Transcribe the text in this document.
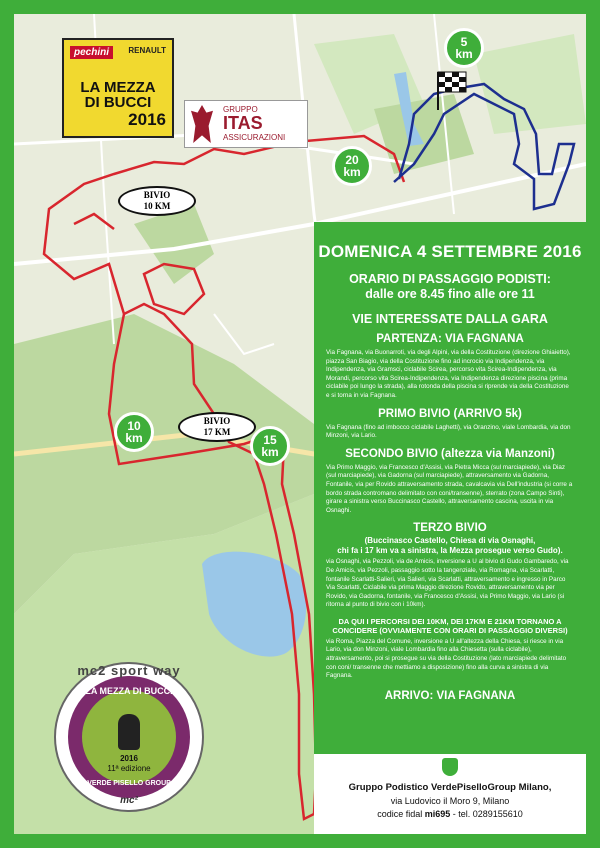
pechini	RENAULT
LA MEZZA
DI BUCCI
2016
GRUPPO
ITAS
ASSICURAZIONI
5
km
20
km
10
km	15
km
BIVIO
10 KM
BIVIO
17 KM
mc2 sport way
LA MEZZA DI BUCCI
2016
11ª edizione
VERDE PISELLO GROUP
mc²
DOMENICA 4 SETTEMBRE 2016
ORARIO DI PASSAGGIO PODISTI:
dalle ore 8.45 fino alle ore 11
VIE INTERESSATE DALLA GARA
PARTENZA: VIA FAGNANA
Via Fagnana, via Buonarroti, via degli Alpini, via della Costituzione (direzione Ghiaietto), piazza San Biagio, via della Costituzione fino ad incrocio via Indipendenza, via Indipendenza, via Gramsci, ciclabile Scirea, percorso vita Scirea-Indipendenza, via Morandi, percorso vita Scirea-Indipendenza, via Indipendenza direzione piscina (prima ciclabile poi lungo la strada), alla rotonda della piscina si riprende via della Costituzione e si torna in via Fagnana.
PRIMO BIVIO (ARRIVO 5k)
Via Fagnana (fino ad imbocco ciclabile Laghetti), via Oranzino, viale Lombardia, via don Minzoni, via Lario.
SECONDO BIVIO (altezza via Manzoni)
Via Primo Maggio, via Francesco d'Assisi, via Pietra Micca (sul marciapiede), via Diaz (sul marciapiede), via Gadorna (sul marciapiede), attraversamento via Gadorna, Fontanile, via per Rovido attraversamento strada, cavalcavia via Dell'industria (si corre a bordo strada contromano delimitato con coni/transenne), sterrato (zona Campo Sinti), girare a sinistra verso Buccinasco Castello, attraversamento cascina, uscita in via Osnaghi.
TERZO BIVIO
(Buccinasco Castello, Chiesa di via Osnaghi,
chi fa i 17 km va a sinistra, la Mezza prosegue verso Gudo).
via Osnaghi, via Pezzoli, via de Amicis, inversione a U al bivio di Gudo Gambaredo, via De Amicis, via Pezzoli, passaggio sotto la tangenziale, via Romagna, via Scarlatti, fontanile Scarlatti-Salieri, via Salieri, via Scarlatti, attraversamento e ingresso in Parco Via Scarlatti, Ciclabile via prima Maggio direzione Rovido, attraversamento via per Rovido, via Gadorna, fontanile, via Francesco d'Assisi, via Primo Maggio, via Lario (si ritorna al punto di bivio con i 10km).
DA QUI I PERCORSI DEI 10KM, DEI 17KM E 21KM TORNANO A CONCIDERE (OVVIAMENTE CON ORARI DI PASSAGGIO DIVERSI)
via Roma, Piazza del Comune, inversione a U all'altezza della Chiesa, si riesce in via Lario, via don Minzoni, viale Lombardia fino alla Chiesetta (sulla ciclabile), attraversamento, poi si prosegue su via della Costituzione (lato marciapiede delimitato con coni/ transenne che mettiamo a disposizione) fino alla curva a sinistra di via Fagnana.
ARRIVO: VIA FAGNANA
Gruppo Podistico VerdePiselloGroup Milano,
via Ludovico il Moro 9, Milano
codice fidal mi695 - tel. 0289155610
